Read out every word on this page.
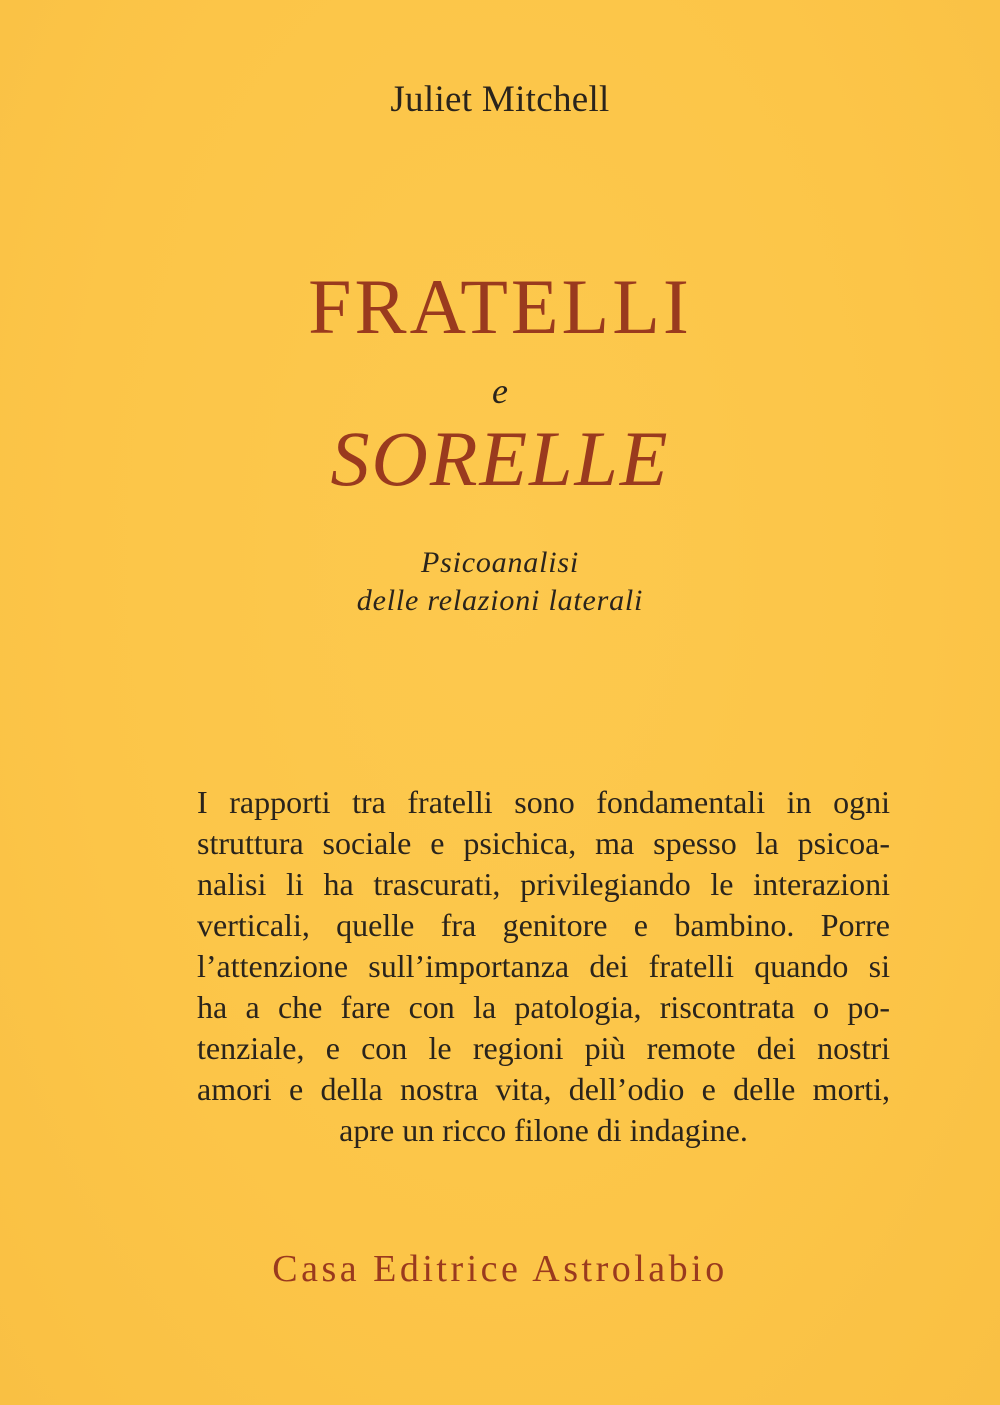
Juliet Mitchell
FRATELLI
e
SORELLE
Psicoanalisi
delle relazioni laterali
I rapporti tra fratelli sono fondamentali in ogni
struttura sociale e psichica, ma spesso la psicoa-
nalisi li ha trascurati, privilegiando le interazioni
verticali, quelle fra genitore e bambino. Porre
l’attenzione sull’importanza dei fratelli quando si
ha a che fare con la patologia, riscontrata o po-
tenziale, e con le regioni più remote dei nostri
amori e della nostra vita, dell’odio e delle morti,
apre un ricco filone di indagine.
Casa Editrice Astrolabio
